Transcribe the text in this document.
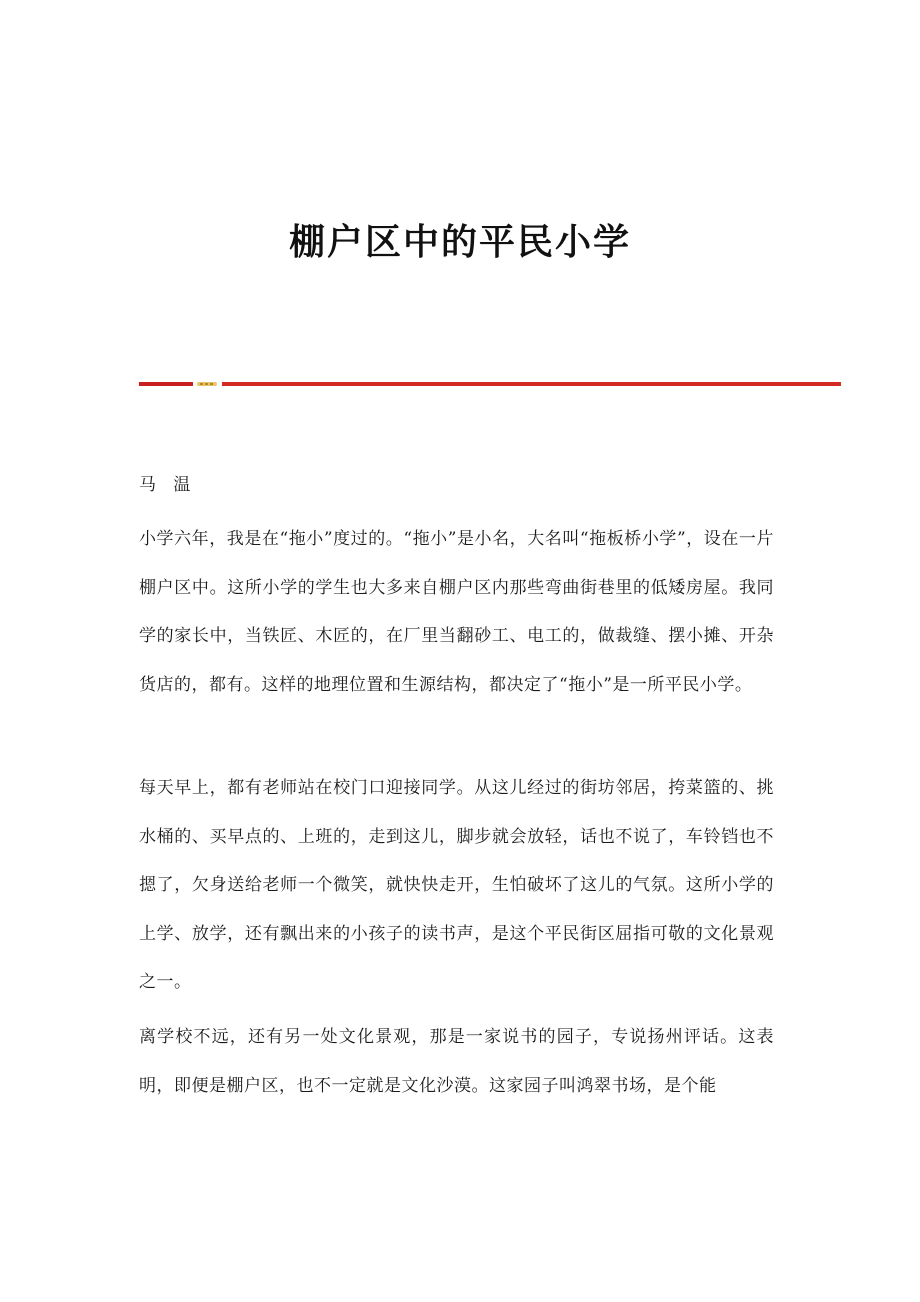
棚户区中的平民小学
马 温

小学六年，我是在“拖小”度过的。“拖小”是小名，大名叫“拖板桥小学”，设在一片棚户区中。这所小学的学生也大多来自棚户区内那些弯曲街巷里的低矮房屋。我同学的家长中，当铁匠、木匠的，在厂里当翻砂工、电工的，做裁缝、摆小摊、开杂货店的，都有。这样的地理位置和生源结构，都决定了“拖小”是一所平民小学。

每天早上，都有老师站在校门口迎接同学。从这儿经过的街坊邻居，挎菜篮的、挑水桶的、买早点的、上班的，走到这儿，脚步就会放轻，话也不说了，车铃铛也不摁了，欠身送给老师一个微笑，就快快走开，生怕破坏了这儿的气氛。这所小学的上学、放学，还有飘出来的小孩子的读书声，是这个平民街区屈指可敬的文化景观之一。

离学校不远，还有另一处文化景观，那是一家说书的园子，专说扬州评话。这表明，即便是棚户区，也不一定就是文化沙漠。这家园子叫鸿翠书场，是个能
